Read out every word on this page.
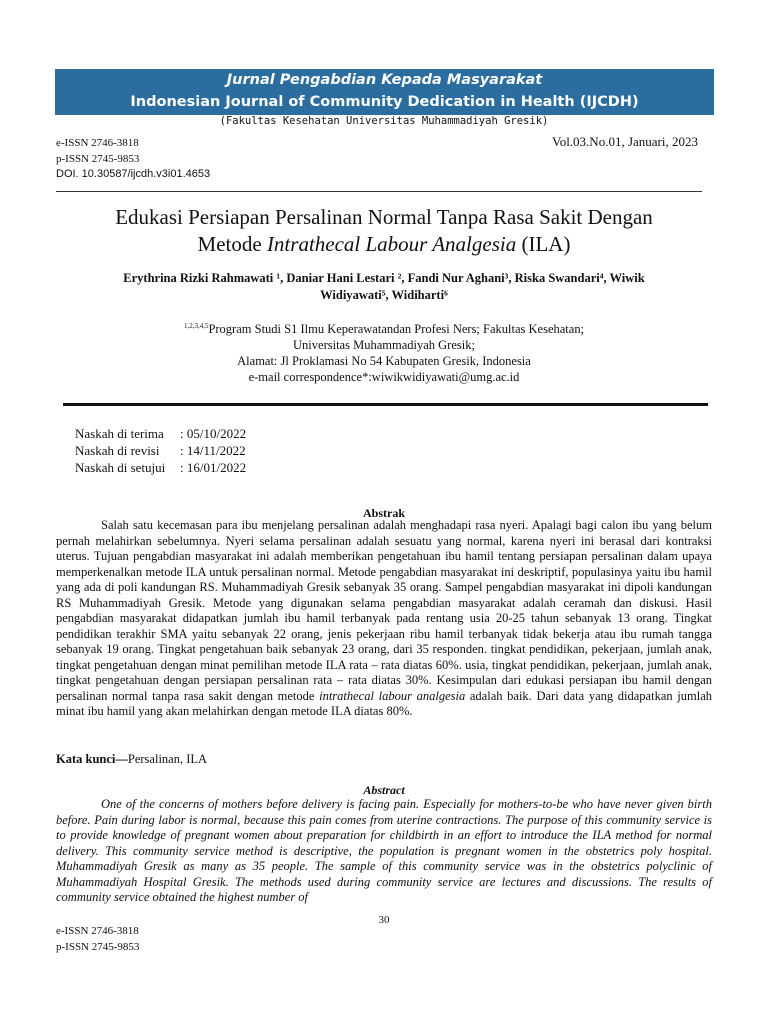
Jurnal Pengabdian Kepada Masyarakat
Indonesian Journal of Community Dedication in Health (IJCDH)
(Fakultas Kesehatan Universitas Muhammadiyah Gresik)
e-ISSN 2746-3818
p-ISSN 2745-9853
DOI. 10.30587/ijcdh.v3i01.4653
Vol.03.No.01, Januari, 2023
Edukasi Persiapan Persalinan Normal Tanpa Rasa Sakit Dengan
Metode Intrathecal Labour Analgesia (ILA)
Erythrina Rizki Rahmawati ¹, Daniar Hani Lestari ², Fandi Nur Aghani³, Riska Swandari⁴, Wiwik
Widiyawati⁵, Widiharti⁶
$^{1,2,3,4,5}$Program Studi S1 Ilmu Keperawatandan Profesi Ners; Fakultas Kesehatan;
Universitas Muhammadiyah Gresik;
Alamat: Jl Proklamasi No 54 Kabupaten Gresik, Indonesia
e-mail correspondence*:wiwikwidiyawati@umg.ac.id
Naskah di terima	: 05/10/2022
Naskah di revisi	: 14/11/2022
Naskah di setujui	: 16/01/2022
Abstrak

Salah satu kecemasan para ibu menjelang persalinan adalah menghadapi rasa nyeri. Apalagi bagi calon ibu yang belum pernah melahirkan sebelumnya. Nyeri selama persalinan adalah sesuatu yang normal, karena nyeri ini berasal dari kontraksi uterus. Tujuan pengabdian masyarakat ini adalah memberikan pengetahuan ibu hamil tentang persiapan persalinan dalam upaya memperkenalkan metode ILA untuk persalinan normal. Metode pengabdian masyarakat ini deskriptif, populasinya yaitu ibu hamil yang ada di poli kandungan RS. Muhammadiyah Gresik sebanyak 35 orang. Sampel pengabdian masyarakat ini dipoli kandungan RS Muhammadiyah Gresik. Metode yang digunakan selama pengabdian masyarakat adalah ceramah dan diskusi. Hasil pengabdian masyarakat didapatkan jumlah ibu hamil terbanyak pada rentang usia 20-25 tahun sebanyak 13 orang. Tingkat pendidikan terakhir SMA yaitu sebanyak 22 orang, jenis pekerjaan ribu hamil terbanyak tidak bekerja atau ibu rumah tangga sebanyak 19 orang. Tingkat pengetahuan baik sebanyak 23 orang, dari 35 responden. tingkat pendidikan, pekerjaan, jumlah anak, tingkat pengetahuan dengan minat pemilihan metode ILA rata – rata diatas 60%. usia, tingkat pendidikan, pekerjaan, jumlah anak, tingkat pengetahuan dengan persiapan persalinan rata – rata diatas 30%. Kesimpulan dari edukasi persiapan ibu hamil dengan persalinan normal tanpa rasa sakit dengan metode intrathecal labour analgesia adalah baik. Dari data yang didapatkan jumlah minat ibu hamil yang akan melahirkan dengan metode ILA diatas 80%.

Kata kunci—Persalinan, ILA
Abstract

One of the concerns of mothers before delivery is facing pain. Especially for mothers-to-be who have never given birth before. Pain during labor is normal, because this pain comes from uterine contractions. The purpose of this community service is to provide knowledge of pregnant women about preparation for childbirth in an effort to introduce the ILA method for normal delivery. This community service method is descriptive, the population is pregnant women in the obstetrics poly hospital. Muhammadiyah Gresik as many as 35 people. The sample of this community service was in the obstetrics polyclinic of Muhammadiyah Hospital Gresik. The methods used during community service are lectures and discussions. The results of community service obtained the highest number of

30
e-ISSN 2746-3818
p-ISSN 2745-9853
